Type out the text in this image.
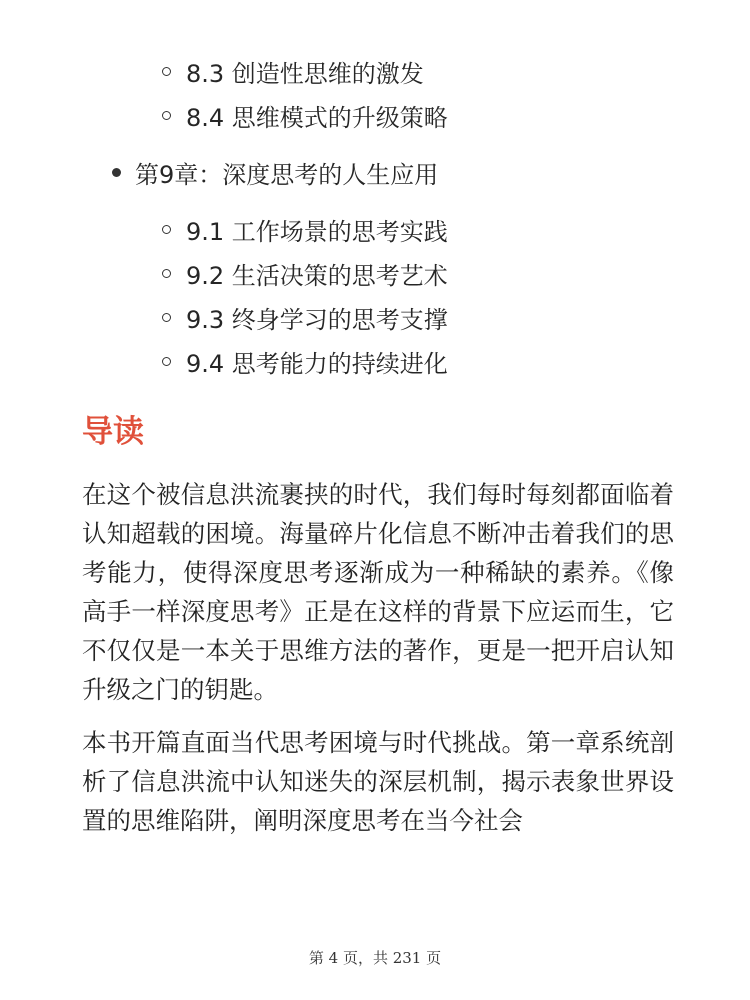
8.3 创造性思维的激发
8.4 思维模式的升级策略
第9章：深度思考的人生应用
9.1 工作场景的思考实践
9.2 生活决策的思考艺术
9.3 终身学习的思考支撑
9.4 思考能力的持续进化
导读

在这个被信息洪流裹挟的时代，我们每时每刻都面临着认知超载的困境。海量碎片化信息不断冲击着我们的思考能力，使得深度思考逐渐成为一种稀缺的素养。《像高手一样深度思考》正是在这样的背景下应运而生，它不仅仅是一本关于思维方法的著作，更是一把开启认知升级之门的钥匙。

本书开篇直面当代思考困境与时代挑战。第一章系统剖析了信息洪流中认知迷失的深层机制，揭示表象世界设置的思维陷阱，阐明深度思考在当今社会

第 4 页，共 231 页
